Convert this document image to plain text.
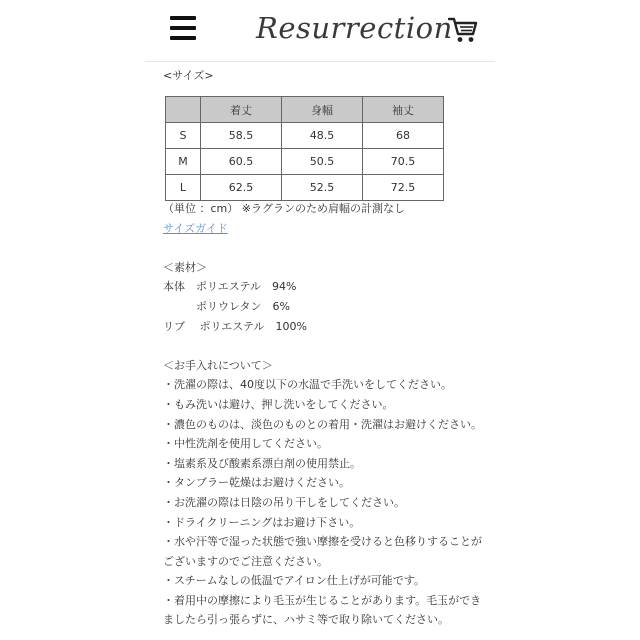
Resurrection
<サイズ>
	着丈	身幅	袖丈
S	58.5	48.5	68
M	60.5	50.5	70.5
L	62.5	52.5	72.5
（単位 ：cm） ※ラグランのため肩幅の計測なし
サイズガイド
＜素材＞
本体　ポリエステル　94%
　　　ポリウレタン　6%
リブ　 ポリエステル　100%
＜お手入れについて＞
・洗濯の際は、40度以下の水温で手洗いをしてください。
・もみ洗いは避け、押し洗いをしてください。
・濃色のものは、淡色のものとの着用・洗濯はお避けください。
・中性洗剤を使用してください。
・塩素系及び酸素系漂白剤の使用禁止。
・タンブラー乾燥はお避けください。
・お洗濯の際は日陰の吊り干しをしてください。
・ドライクリーニングはお避け下さい。
・水や汗等で湿った状態で強い摩擦を受けると色移りすることが
ございますのでご注意ください。
・スチームなしの低温でアイロン仕上げが可能です。
・着用中の摩擦により毛玉が生じることがあります。毛玉ができ
ましたら引っ張らずに、ハサミ等で取り除いてください。
